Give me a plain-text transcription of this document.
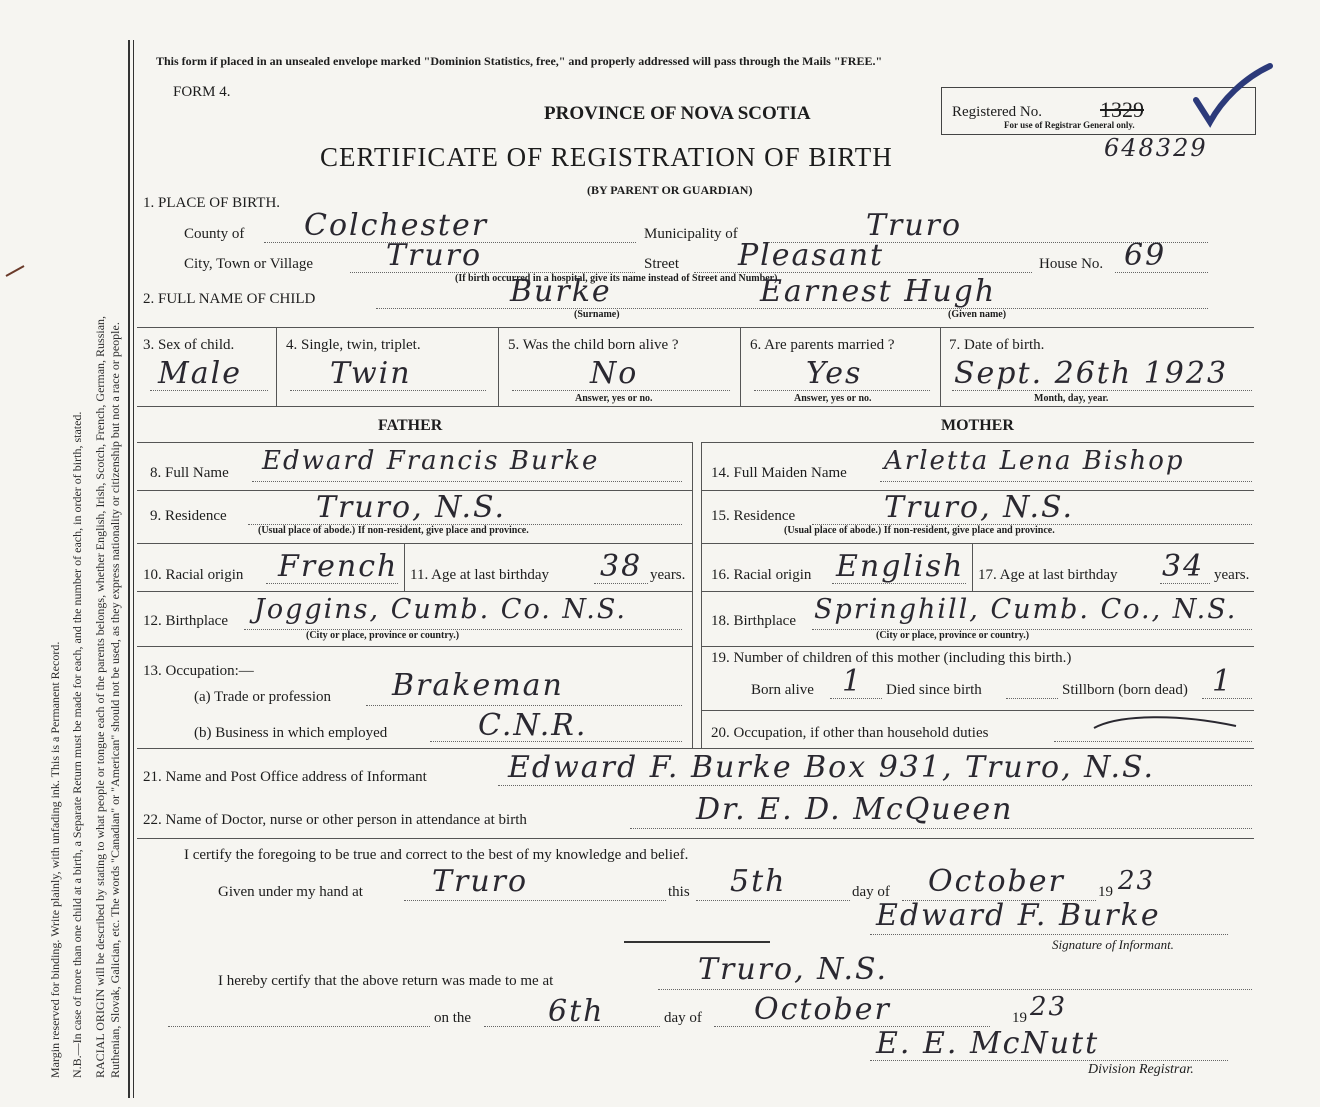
Margin reserved for binding. Write plainly, with unfading ink. This is a Permanent Record. N.B.—In case of more than one child at a birth, a Separate Return must be made for each, and the number of each, in order of birth, stated. RACIAL ORIGIN will be described by stating to what people or tongue each of the parents belongs, whether English, Irish, Scotch, French, German, Russian, Ruthenian, Slovak, Galician, etc. The words "Canadian" or "American" should not be used, as they express nationality or citizenship but not a race or people.
This form if placed in an unsealed envelope marked "Dominion Statistics, free," and properly addressed will pass through the Mails "FREE."
FORM 4.
PROVINCE OF NOVA SCOTIA
CERTIFICATE OF REGISTRATION OF BIRTH
(BY PARENT OR GUARDIAN)
Registered No.	1329
For use of Registrar General only.
648329
1. PLACE OF BIRTH.
County of Colchester	Municipality of	Truro
City, Town or Village Truro	Street Pleasant	House No. 69
(If birth occurred in a hospital, give its name instead of Street and Number)
2. FULL NAME OF CHILD	Burke	Earnest Hugh
(Surname)	(Given name)
3. Sex of child.
Male
4. Single, twin, triplet.
Twin
5. Was the child born alive ?
No
Answer, yes or no.
6. Are parents married ?
Yes
Answer, yes or no.
7. Date of birth.
Sept. 26th 1923
Month, day, year.
FATHER	MOTHER
8. Full Name Edward Francis Burke
9. Residence	Truro, N.S.
(Usual place of abode.) If non-resident, give place and province.
10. Racial origin French 11. Age at last birthday 38 years.
12. Birthplace Joggins, Cumb. Co. N.S.
(City or place, province or country.)
13. Occupation:—
(a) Trade or profession Brakeman
(b) Business in which employed	C.N.R.
14. Full Maiden Name Arletta Lena Bishop
15. Residence	Truro, N.S.
(Usual place of abode.) If non-resident, give place and province.
16. Racial origin English 17. Age at last birthday 34 years.
18. Birthplace Springhill, Cumb. Co., N.S.
(City or place, province or country.)
19. Number of children of this mother (including this birth.)
Born alive 1 Died since birth	Stillborn (born dead) 1
20. Occupation, if other than household duties
21. Name and Post Office address of Informant	Edward F. Burke Box 931, Truro, N.S.
22. Name of Doctor, nurse or other person in attendance at birth	Dr. E. D. McQueen
I certify the foregoing to be true and correct to the best of my knowledge and belief.
Given under my hand at Truro	this 5th	day of October 19 23
Edward F. Burke
Signature of Informant.
I hereby certify that the above return was made to me at	Truro, N.S.
on the	6th	day of October	19 23
E. E. McNutt
Division Registrar.
